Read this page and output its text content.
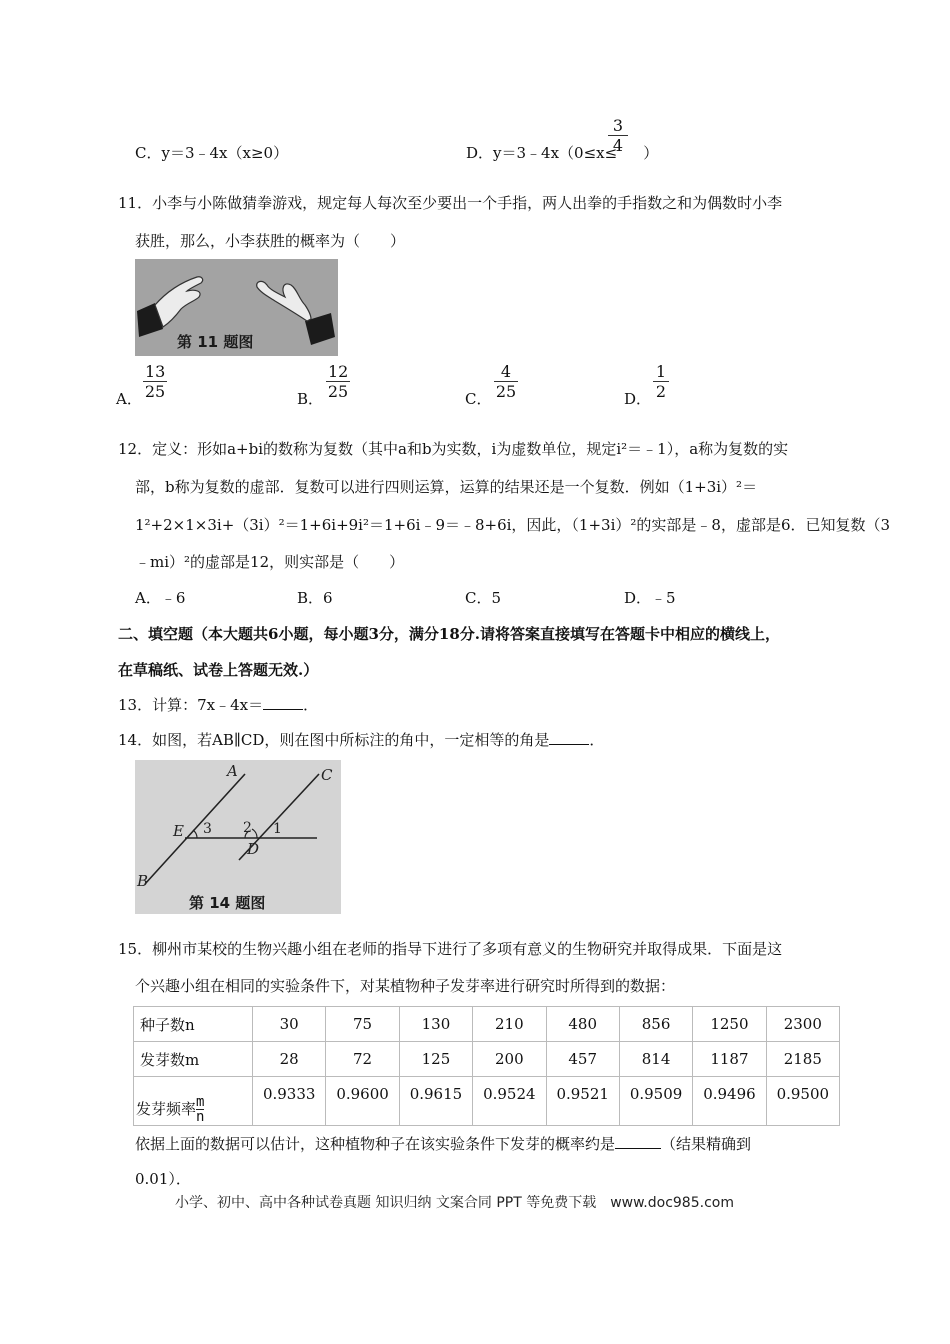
C．y＝3﹣4x（x≥0）	D．y＝3﹣4x（0≤x≤ ）
$\frac{3}{4}$
11．小李与小陈做猜拳游戏，规定每人每次至少要出一个手指，两人出拳的手指数之和为偶数时小李
获胜，那么，小李获胜的概率为（　　）
第 11 题图
A． $\frac{13}{25}$	B． $\frac{12}{25}$	C． $\frac{4}{25}$	D． $\frac{1}{2}$
12．定义：形如a+bi的数称为复数（其中a和b为实数，i为虚数单位，规定i²＝﹣1），a称为复数的实
部，b称为复数的虚部．复数可以进行四则运算，运算的结果还是一个复数．例如（1+3i）²＝
1²+2×1×3i+（3i）²＝1+6i+9i²＝1+6i﹣9＝﹣8+6i，因此，（1+3i）²的实部是﹣8，虚部是6．已知复数（3
﹣mi）²的虚部是12，则实部是（　　）
A．﹣6	B．6	C．5	D．﹣5
二、填空题（本大题共6小题，每小题3分，满分18分.请将答案直接填写在答题卡中相应的横线上，
在草稿纸、试卷上答题无效.）
13．计算：7x﹣4x＝	．
14．如图，若AB∥CD，则在图中所标注的角中，一定相等的角是	．
A	C
E 3 2 1
D
B
第 14 题图
15．柳州市某校的生物兴趣小组在老师的指导下进行了多项有意义的生物研究并取得成果．下面是这
个兴趣小组在相同的实验条件下，对某植物种子发芽率进行研究时所得到的数据：
种子数n	30	75	130	210	480	856	1250	2300
发芽数m	28	72	125	200	457	814	1187	2185
发芽频率 $\frac{m}{n}$	0.9333	0.9600	0.9615	0.9524	0.9521	0.9509	0.9496	0.9500
依据上面的数据可以估计，这种植物种子在该实验条件下发芽的概率约是	（结果精确到
0.01）．
小学、初中、高中各种试卷真题 知识归纳 文案合同 PPT 等免费下载　www.doc985.com
